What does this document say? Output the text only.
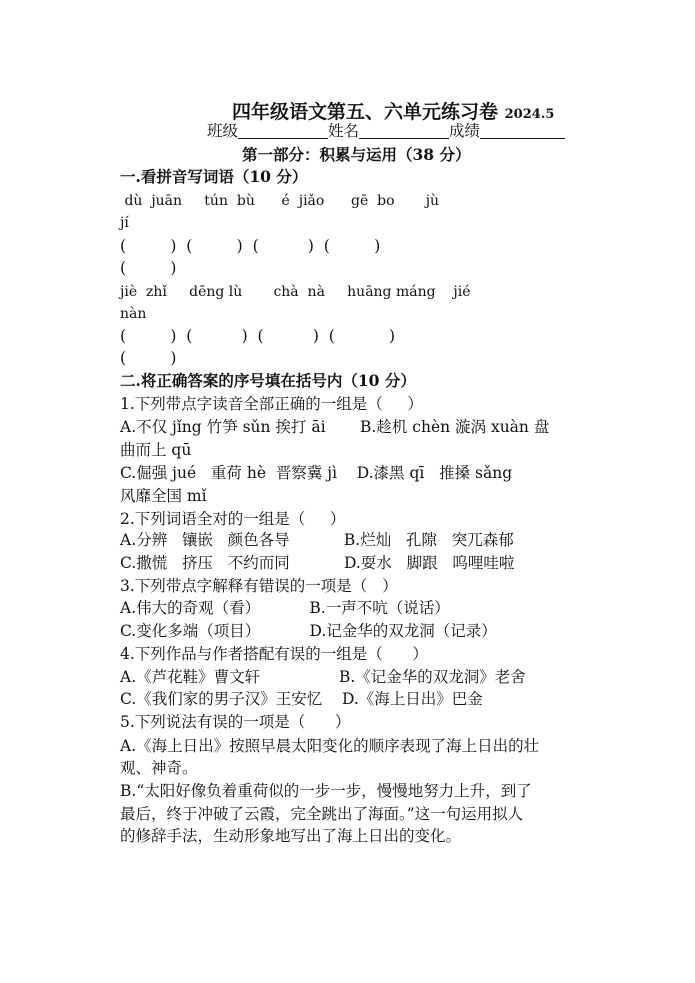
四年级语文第五、六单元练习卷 2024.5
班级	姓名	成绩
第一部分：积累与运用（38 分）
一.看拼音写词语（10 分）
dù  juān     tún  bù      é  jiǎo      gē  bo       jù
jí
(         )  (         )  (          )  (         )
(         )
jiè  zhǐ     dēng lù       chà  nà     huāng máng    jié
nàn
(         )  (          )  (          )  (           )
(         )
二.将正确答案的序号填在括号内（10 分）
1.下列带点字读音全部正确的一组是（     ）
A.不仅 jǐng 竹笋 sǔn 挨打 āi       B.趁机 chèn 漩涡 xuàn 盘
曲而上 qū
C.倔强 jué   重荷 hè  晋察冀 jì    D.漆黑 qī   推搡 sǎng
风靡全国 mǐ
2.下列词语全对的一组是（     ）
A.分辨   镶嵌   颜色各导           B.烂灿   孔隙   突兀森郁
C.撒慌   挤压   不约而同           D.耍水   脚跟   呜哩哇啦
3.下列带点字解释有错误的一项是（   ）
A.伟大的奇观（看）          B.一声不吭（说话）
C.变化多端（项目）          D.记金华的双龙洞（记录）
4.下列作品与作者搭配有误的一组是（      ）
A.《芦花鞋》曹文轩                B.《记金华的双龙洞》老舍
C.《我们家的男子汉》王安忆    D.《海上日出》巴金
5.下列说法有误的一项是（      ）
A.《海上日出》按照早晨太阳变化的顺序表现了海上日出的壮
观、神奇。
B.“太阳好像负着重荷似的一步一步，慢慢地努力上升，到了
最后，终于冲破了云霞，完全跳出了海面。”这一句运用拟人
的修辞手法，生动形象地写出了海上日出的变化。
